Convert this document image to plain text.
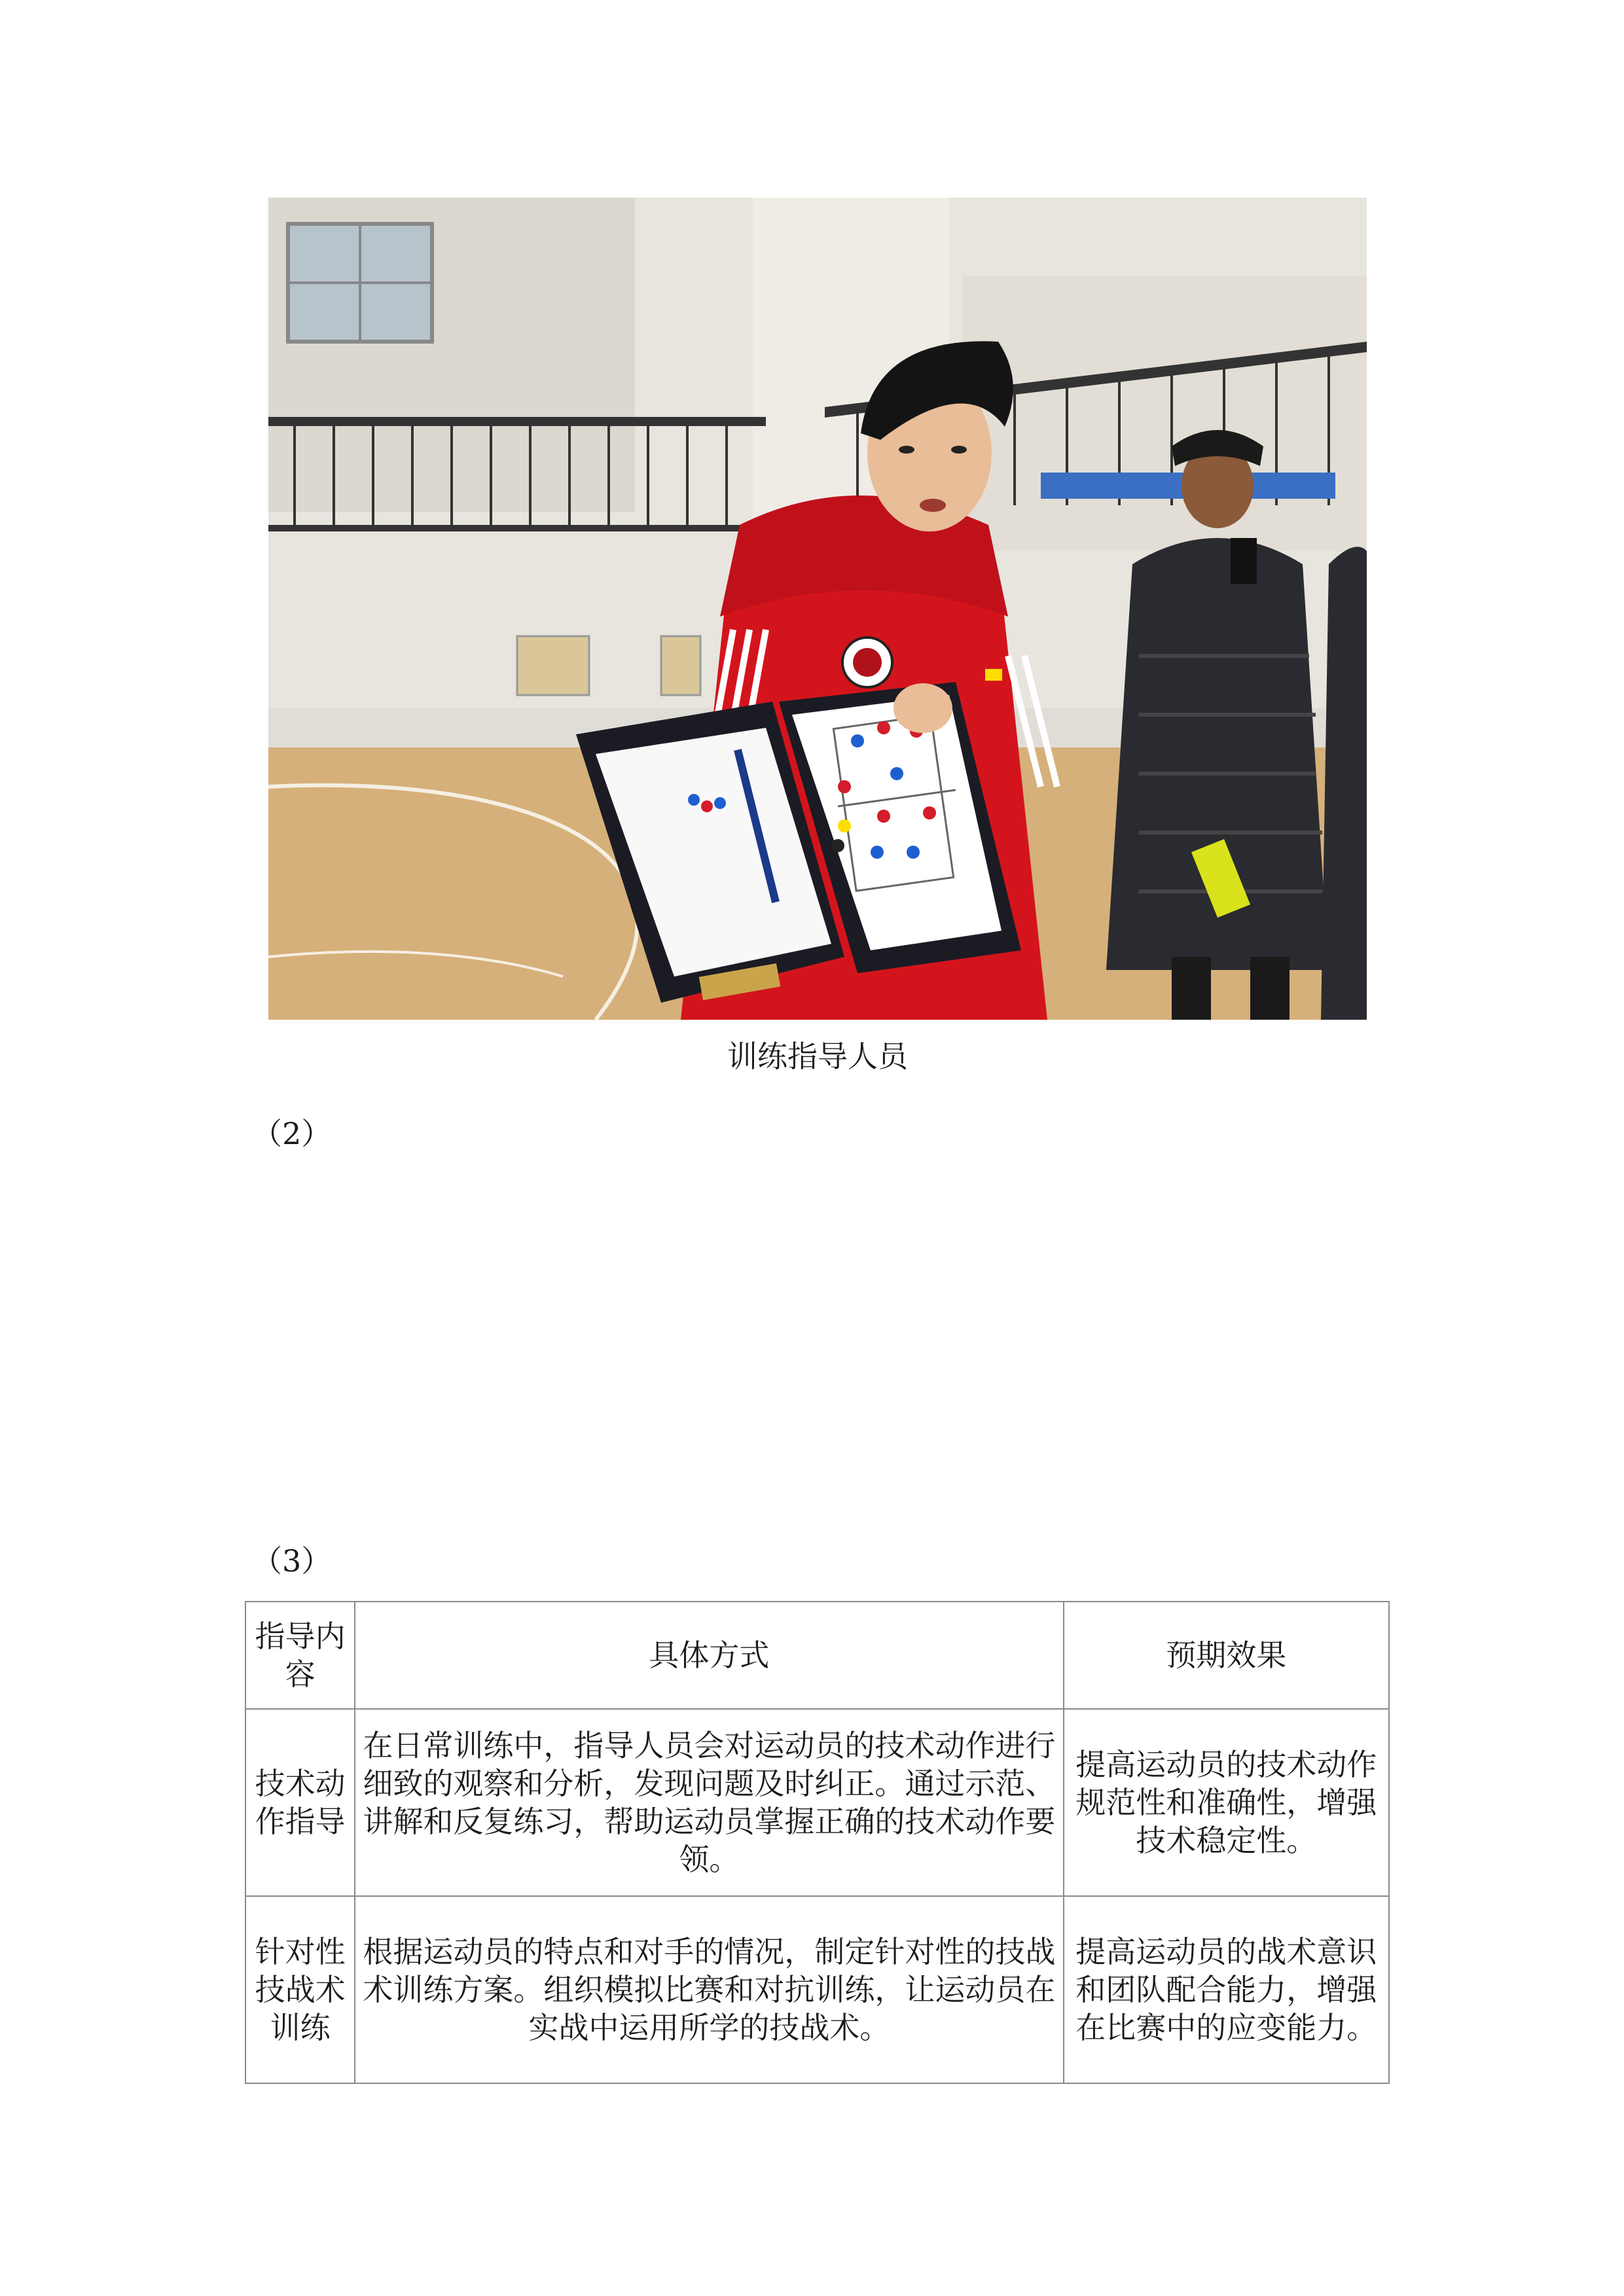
训练指导人员
（2）
（3）
指导内容	具体方式	预期效果
技术动作指导	在日常训练中，指导人员会对运动员的技术动作进行细致的观察和分析，发现问题及时纠正。通过示范、讲解和反复练习，帮助运动员掌握正确的技术动作要领。	提高运动员的技术动作规范性和准确性，增强技术稳定性。
针对性技战术训练	根据运动员的特点和对手的情况，制定针对性的技战术训练方案。组织模拟比赛和对抗训练，让运动员在实战中运用所学的技战术。	提高运动员的战术意识和团队配合能力，增强在比赛中的应变能力。
